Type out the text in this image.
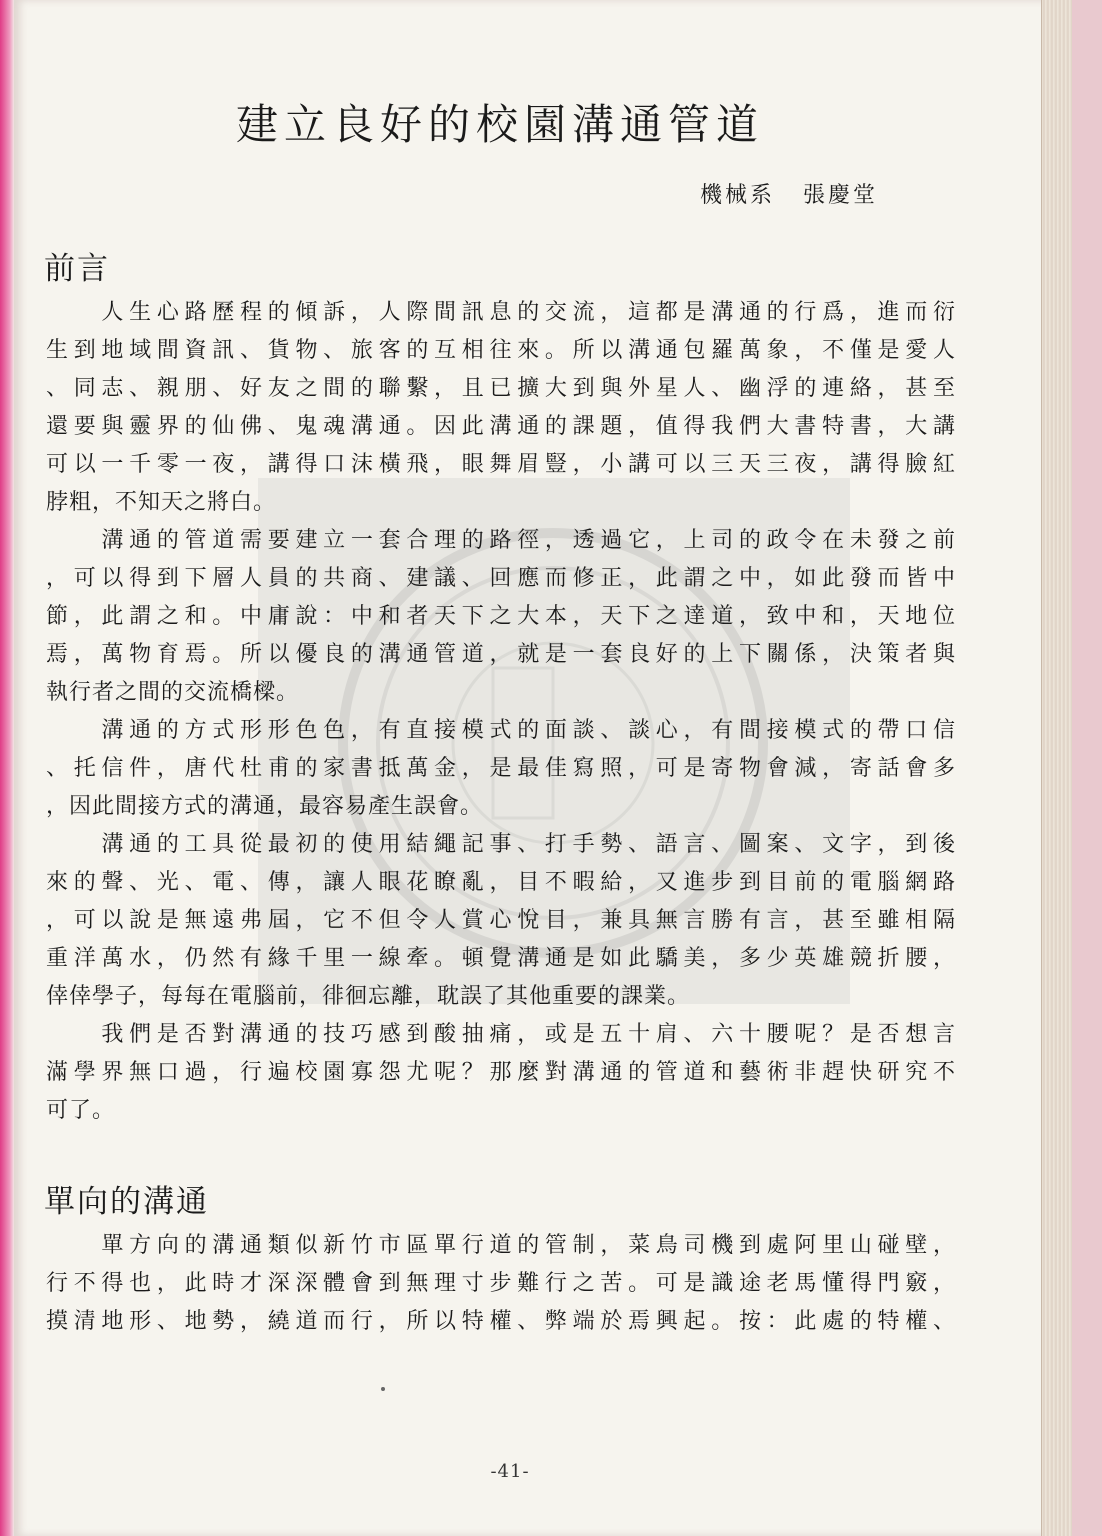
建立良好的校園溝通管道
機械系 張慶堂
前言
　　人生心路歷程的傾訴，人際間訊息的交流，這都是溝通的行爲，進而衍
生到地域間資訊、貨物、旅客的互相往來。所以溝通包羅萬象，不僅是愛人
、同志、親朋、好友之間的聯繫，且已擴大到與外星人、幽浮的連絡，甚至
還要與靈界的仙佛、鬼魂溝通。因此溝通的課題，值得我們大書特書，大講
可以一千零一夜，講得口沫橫飛，眼舞眉豎，小講可以三天三夜，講得臉紅
脖粗，不知天之將白。
　　溝通的管道需要建立一套合理的路徑，透過它，上司的政令在未發之前
，可以得到下層人員的共商、建議、回應而修正，此謂之中，如此發而皆中
節，此謂之和。中庸說：中和者天下之大本，天下之達道，致中和，天地位
焉，萬物育焉。所以優良的溝通管道，就是一套良好的上下關係，決策者與
執行者之間的交流橋樑。
　　溝通的方式形形色色，有直接模式的面談、談心，有間接模式的帶口信
、托信件，唐代杜甫的家書抵萬金，是最佳寫照，可是寄物會減，寄話會多
，因此間接方式的溝通，最容易產生誤會。
　　溝通的工具從最初的使用結繩記事、打手勢、語言、圖案、文字，到後
來的聲、光、電、傳，讓人眼花瞭亂，目不暇給，又進步到目前的電腦網路
，可以說是無遠弗屆，它不但令人賞心悅目，兼具無言勝有言，甚至雖相隔
重洋萬水，仍然有緣千里一線牽。頓覺溝通是如此驕美，多少英雄競折腰，
倖倖學子，每每在電腦前，徘徊忘離，耽誤了其他重要的課業。
　　我們是否對溝通的技巧感到酸抽痛，或是五十肩、六十腰呢？是否想言
滿學界無口過，行遍校園寡怨尤呢？那麼對溝通的管道和藝術非趕快研究不
可了。
單向的溝通
　　單方向的溝通類似新竹市區單行道的管制，菜鳥司機到處阿里山碰壁，
行不得也，此時才深深體會到無理寸步難行之苦。可是識途老馬懂得門竅，
摸清地形、地勢，繞道而行，所以特權、弊端於焉興起。按：此處的特權、
-41-
